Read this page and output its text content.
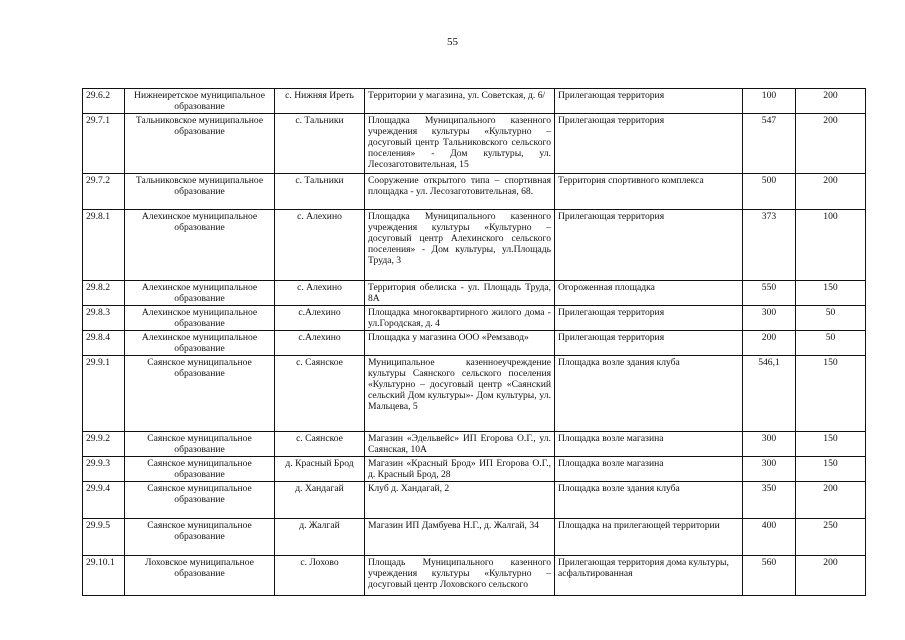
55
29.6.2	Нижнеиретское муниципальное образование	с. Нижняя Иреть	Территории у магазина, ул. Советская, д. 6/	Прилегающая территория	100	200
29.7.1	Тальниковское муниципальное образование	с. Тальники	Площадка Муниципального казенного учреждения культуры «Культурно – досуговый центр Тальниковского сельского поселения» - Дом культуры, ул. Лесозаготовительная, 15	Прилегающая территория	547	200
29.7.2	Тальниковское муниципальное образование	с. Тальники	Сооружение открытого типа – спортивная площадка - ул. Лесозаготовительная, 68.	Территория спортивного комплекса	500	200
29.8.1	Алехинское муниципальное образование	с. Алехино	Площадка Муниципального казенного учреждения культуры «Культурно – досуговый центр Алехинского сельского поселения» - Дом культуры, ул.Площадь Труда, 3	Прилегающая территория	373	100
29.8.2	Алехинское муниципальное образование	с. Алехино	Территория обелиска - ул. Площадь Труда, 8А	Огороженная площадка	550	150
29.8.3	Алехинское муниципальное образование	с.Алехино	Площадка многоквартирного жилого дома - ул.Городская, д. 4	Прилегающая территория	300	50
29.8.4	Алехинское муниципальное образование	с.Алехино	Площадка у магазина ООО «Ремзавод»	Прилегающая территория	200	50
29.9.1	Саянское муниципальное образование	с. Саянское	Муниципальное казенноеучреждение культуры Саянского сельского поселения «Культурно – досуговый центр «Саянский сельский Дом культуры»- Дом культуры, ул. Мальцева, 5	Площадка возле здания клуба	546,1	150
29.9.2	Саянское муниципальное образование	с. Саянское	Магазин «Эдельвейс» ИП Егорова О.Г., ул. Саянская, 10А	Площадка возле магазина	300	150
29.9.3	Саянское муниципальное образование	д. Красный Брод	Магазин «Красный Брод» ИП Егорова О.Г., д. Красный Брод, 28	Площадка возле магазина	300	150
29.9.4	Саянское муниципальное образование	д. Хандагай	Клуб д. Хандагай, 2	Площадка возле здания клуба	350	200
29.9.5	Саянское муниципальное образование	д. Жалгай	Магазин ИП Дамбуева Н.Г., д. Жалгай, 34	Площадка на прилегающей территории	400	250
29.10.1	Лоховское муниципальное образование	с. Лохово	Площадь Муниципального казенного учреждения культуры «Культурно – досуговый центр Лоховского сельского	Прилегающая территория дома культуры, асфальтированная	560	200
